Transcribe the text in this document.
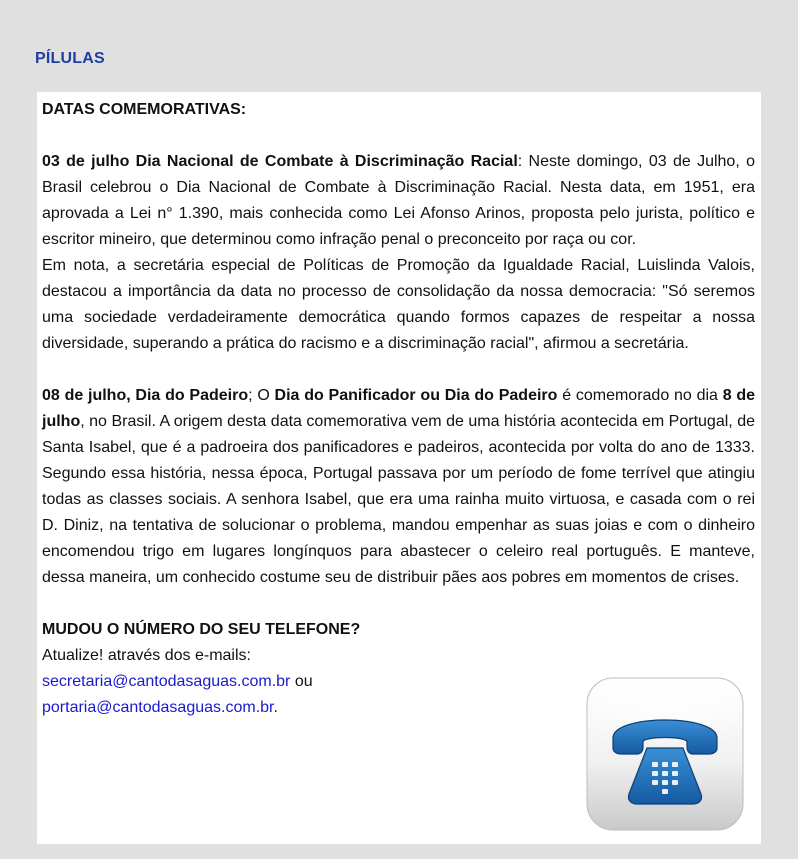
PÍLULAS

DATAS COMEMORATIVAS:

03 de julho Dia Nacional de Combate à Discriminação Racial: Neste domingo, 03 de Julho, o Brasil celebrou o Dia Nacional de Combate à Discriminação Racial. Nesta data, em 1951, era aprovada a Lei n° 1.390, mais conhecida como Lei Afonso Arinos, proposta pelo jurista, político e escritor mineiro, que determinou como infração penal o preconceito por raça ou cor.

Em nota, a secretária especial de Políticas de Promoção da Igualdade Racial, Luislinda Valois, destacou a importância da data no processo de consolidação da nossa democracia: "Só seremos uma sociedade verdadeiramente democrática quando formos capazes de respeitar a nossa diversidade, superando a prática do racismo e a discriminação racial", afirmou a secretária.

08 de julho, Dia do Padeiro; O Dia do Panificador ou Dia do Padeiro é comemorado no dia 8 de julho, no Brasil. A origem desta data comemorativa vem de uma história acontecida em Portugal, de Santa Isabel, que é a padroeira dos panificadores e padeiros, acontecida por volta do ano de 1333. Segundo essa história, nessa época, Portugal passava por um período de fome terrível que atingiu todas as classes sociais. A senhora Isabel, que era uma rainha muito virtuosa, e casada com o rei D. Diniz, na tentativa de solucionar o problema, mandou empenhar as suas joias e com o dinheiro encomendou trigo em lugares longínquos para abastecer o celeiro real português. E manteve, dessa maneira, um conhecido costume seu de distribuir pães aos pobres em momentos de crises.

MUDOU O NÚMERO DO SEU TELEFONE?

Atualize! através dos e-mails:

secretaria@cantodasaguas.com.br ou

portaria@cantodasaguas.com.br.
